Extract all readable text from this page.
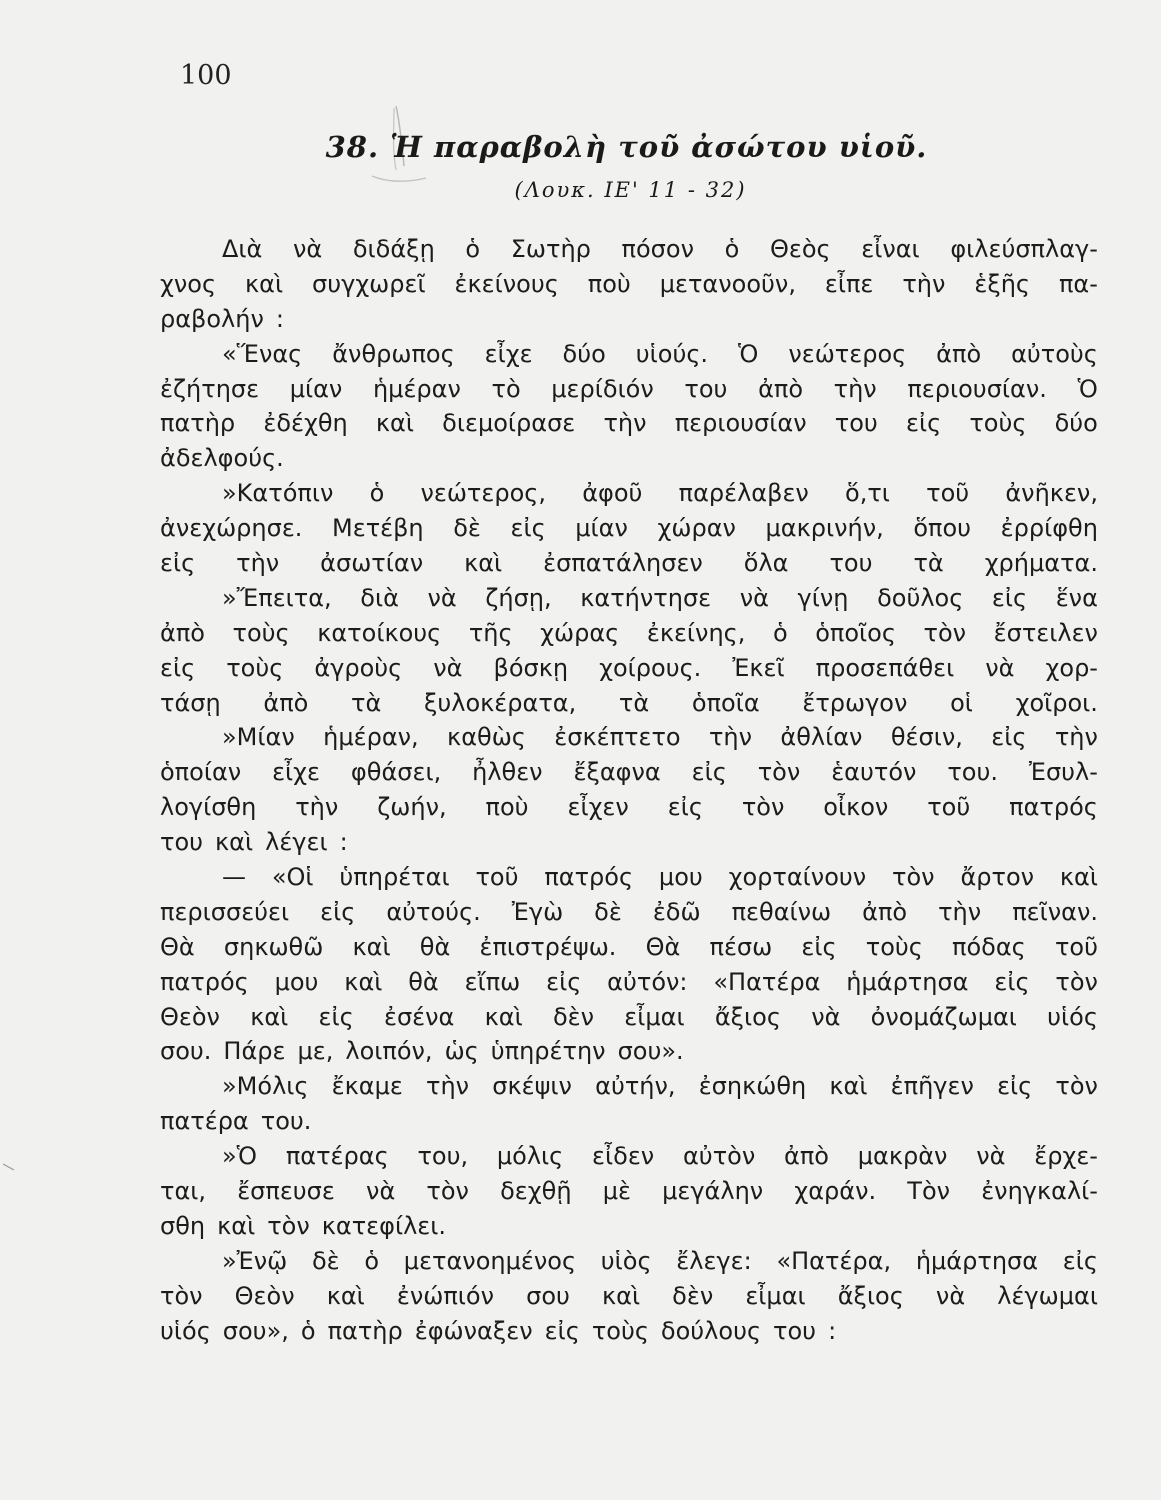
100
38. Ἡ παραβολὴ τοῦ ἀσώτου υἱοῦ.
(Λουκ. ΙΕ' 11 - 32)
Διὰ νὰ διδάξῃ ὁ Σωτὴρ πόσον ὁ Θεὸς εἶναι φιλεύσπλαγ-
χνος καὶ συγχωρεῖ ἐκείνους ποὺ μετανοοῦν, εἶπε τὴν ἑξῆς πα-
ραβολήν :
«Ἕνας ἄνθρωπος εἶχε δύο υἱούς. Ὁ νεώτερος ἀπὸ αὐτοὺς
ἐζήτησε μίαν ἡμέραν τὸ μερίδιόν του ἀπὸ τὴν περιουσίαν. Ὁ
πατὴρ ἐδέχθη καὶ διεμοίρασε τὴν περιουσίαν του εἰς τοὺς δύο
ἀδελφούς.
»Κατόπιν ὁ νεώτερος, ἀφοῦ παρέλαβεν ὅ,τι τοῦ ἀνῆκεν,
ἀνεχώρησε. Μετέβη δὲ εἰς μίαν χώραν μακρινήν, ὅπου ἐρρίφθη
εἰς τὴν ἀσωτίαν καὶ ἐσπατάλησεν ὅλα του τὰ χρήματα.
»Ἔπειτα, διὰ νὰ ζήσῃ, κατήντησε νὰ γίνῃ δοῦλος εἰς ἕνα
ἀπὸ τοὺς κατοίκους τῆς χώρας ἐκείνης, ὁ ὁποῖος τὸν ἔστειλεν
εἰς τοὺς ἀγροὺς νὰ βόσκῃ χοίρους. Ἐκεῖ προσεπάθει νὰ χορ-
τάσῃ ἀπὸ τὰ ξυλοκέρατα, τὰ ὁποῖα ἔτρωγον οἱ χοῖροι.
»Μίαν ἡμέραν, καθὼς ἐσκέπτετο τὴν ἀθλίαν θέσιν, εἰς τὴν
ὁποίαν εἶχε φθάσει, ἦλθεν ἔξαφνα εἰς τὸν ἑαυτόν του. Ἐσυλ-
λογίσθη τὴν ζωήν, ποὺ εἶχεν εἰς τὸν οἶκον τοῦ πατρός
του καὶ λέγει :
— «Οἱ ὑπηρέται τοῦ πατρός μου χορταίνουν τὸν ἄρτον καὶ
περισσεύει εἰς αὐτούς. Ἐγὼ δὲ ἐδῶ πεθαίνω ἀπὸ τὴν πεῖναν.
Θὰ σηκωθῶ καὶ θὰ ἐπιστρέψω. Θὰ πέσω εἰς τοὺς πόδας τοῦ
πατρός μου καὶ θὰ εἴπω εἰς αὐτόν: «Πατέρα ἡμάρτησα εἰς τὸν
Θεὸν καὶ εἰς ἐσένα καὶ δὲν εἶμαι ἄξιος νὰ ὀνομάζωμαι υἱός
σου. Πάρε με, λοιπόν, ὡς ὑπηρέτην σου».
»Μόλις ἔκαμε τὴν σκέψιν αὐτήν, ἐσηκώθη καὶ ἐπῆγεν εἰς τὸν
πατέρα του.
»Ὁ πατέρας του, μόλις εἶδεν αὐτὸν ἀπὸ μακρὰν νὰ ἔρχε-
ται, ἔσπευσε νὰ τὸν δεχθῇ μὲ μεγάλην χαράν. Τὸν ἐνηγκαλί-
σθη καὶ τὸν κατεφίλει.
»Ἐνῷ δὲ ὁ μετανοημένος υἱὸς ἔλεγε: «Πατέρα, ἡμάρτησα εἰς
τὸν Θεὸν καὶ ἐνώπιόν σου καὶ δὲν εἶμαι ἄξιος νὰ λέγωμαι
υἱός σου», ὁ πατὴρ ἐφώναξεν εἰς τοὺς δούλους του :
